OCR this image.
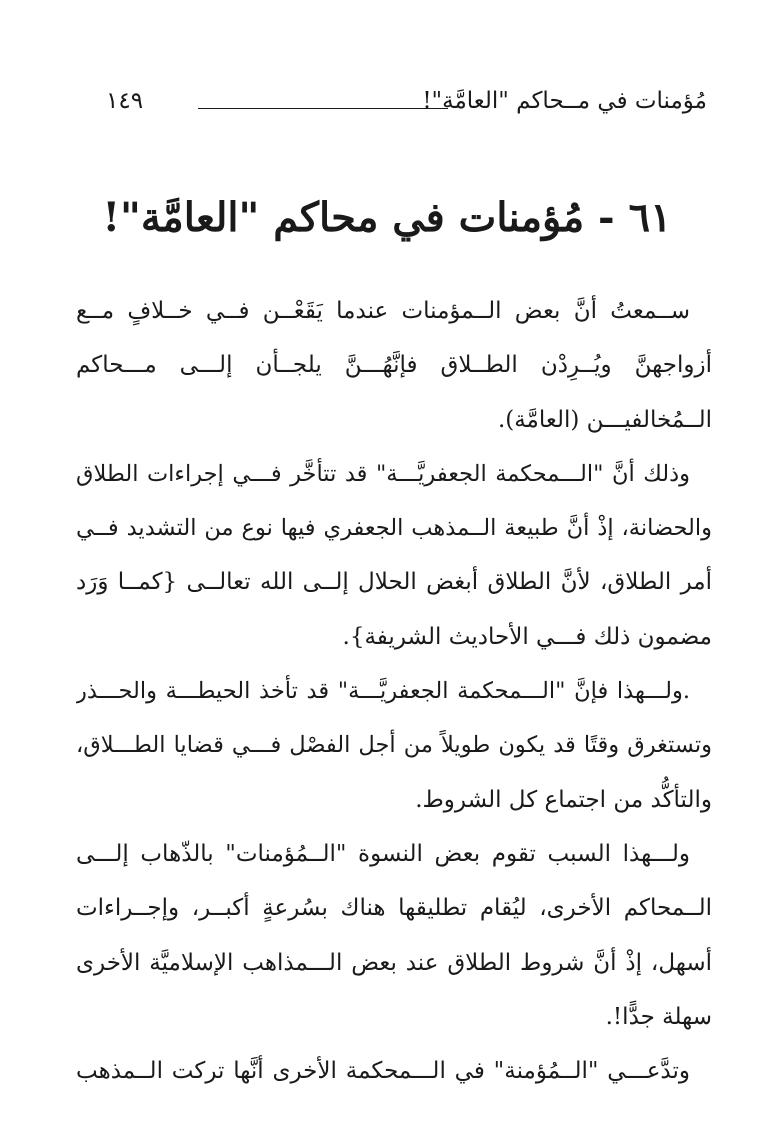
مُؤمنات في مــحاكم "العامَّة"!
١٤٩
٦١ - مُؤمنات في محاكم "العامَّة"!
ســمعتُ أنَّ بعض الــمؤمنات عندما يَقَعْــن فــي خــلافٍ مــع
أزواجهنَّ ويُــرِدْن الطــلاق فإنَّهُـــنَّ يلجــأن إلـــى مـــحاكم
الــمُخالفيـــن (العامَّة).
وذلك أنَّ "الـــمحكمة الجعفريَّـــة" قد تتأخَّر فـــي إجراءات الطلاق
والحضانة، إذْ أنَّ طبيعة الــمذهب الجعفري فيها نوع من التشديد فــي
أمر الطلاق، لأنَّ الطلاق أبغض الحلال إلــى الله تعالــى {كمــا وَرَد
مضمون ذلك فـــي الأحاديث الشريفة}.
.ولـــهذا فإنَّ "الـــمحكمة الجعفريَّـــة" قد تأخذ الحيطـــة والحـــذر
وتستغرق وقتًا قد يكون طويلاً من أجل الفصْل فـــي قضايا الطـــلاق،
والتأكُّد من اجتماع كل الشروط.
ولـــهذا السبب تقوم بعض النسوة "الــمُؤمنات" بالذّهاب إلـــى
الــمحاكم الأخرى، ليُقام تطليقها هناك بسُرعةٍ أكبــر، وإجــراءات
أسهل، إذْ أنَّ شروط الطلاق عند بعض الـــمذاهب الإسلاميَّة الأخرى
سهلة جدًّا!.
وتدَّعـــي "الــمُؤمنة" في الـــمحكمة الأخرى أنَّها تركت الــمذهب
